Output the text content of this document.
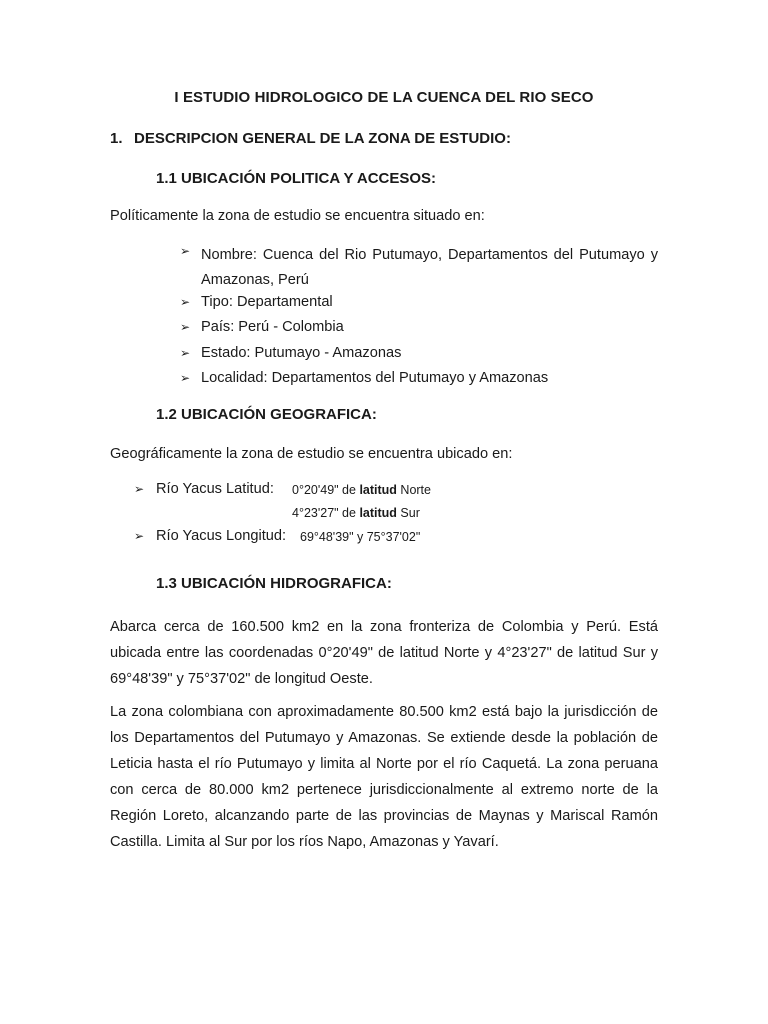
I ESTUDIO HIDROLOGICO DE LA CUENCA DEL RIO SECO
1. DESCRIPCION GENERAL DE LA ZONA DE ESTUDIO:
1.1 UBICACIÓN POLITICA Y ACCESOS:
Políticamente la zona de estudio se encuentra situado en:
➢ Nombre: Cuenca del Rio Putumayo, Departamentos del Putumayo y Amazonas, Perú
➢ Tipo: Departamental
➢ País: Perú - Colombia
➢ Estado: Putumayo - Amazonas
➢ Localidad: Departamentos del Putumayo y Amazonas
1.2 UBICACIÓN GEOGRAFICA:
Geográficamente la zona de estudio se encuentra ubicado en:
➢ Río Yacus Latitud: 0°20'49" de latitud Norte
4°23'27" de latitud Sur
➢ Río Yacus Longitud: 69°48'39" y 75°37'02"
1.3 UBICACIÓN HIDROGRAFICA:
Abarca cerca de 160.500 km2 en la zona fronteriza de Colombia y Perú. Está ubicada entre las coordenadas 0°20'49" de latitud Norte y 4°23'27" de latitud Sur y 69°48'39" y 75°37'02" de longitud Oeste.
La zona colombiana con aproximadamente 80.500 km2 está bajo la jurisdicción de los Departamentos del Putumayo y Amazonas. Se extiende desde la población de Leticia hasta el río Putumayo y limita al Norte por el río Caquetá. La zona peruana con cerca de 80.000 km2 pertenece jurisdiccionalmente al extremo norte de la Región Loreto, alcanzando parte de las provincias de Maynas y Mariscal Ramón Castilla. Limita al Sur por los ríos Napo, Amazonas y Yavarí.
